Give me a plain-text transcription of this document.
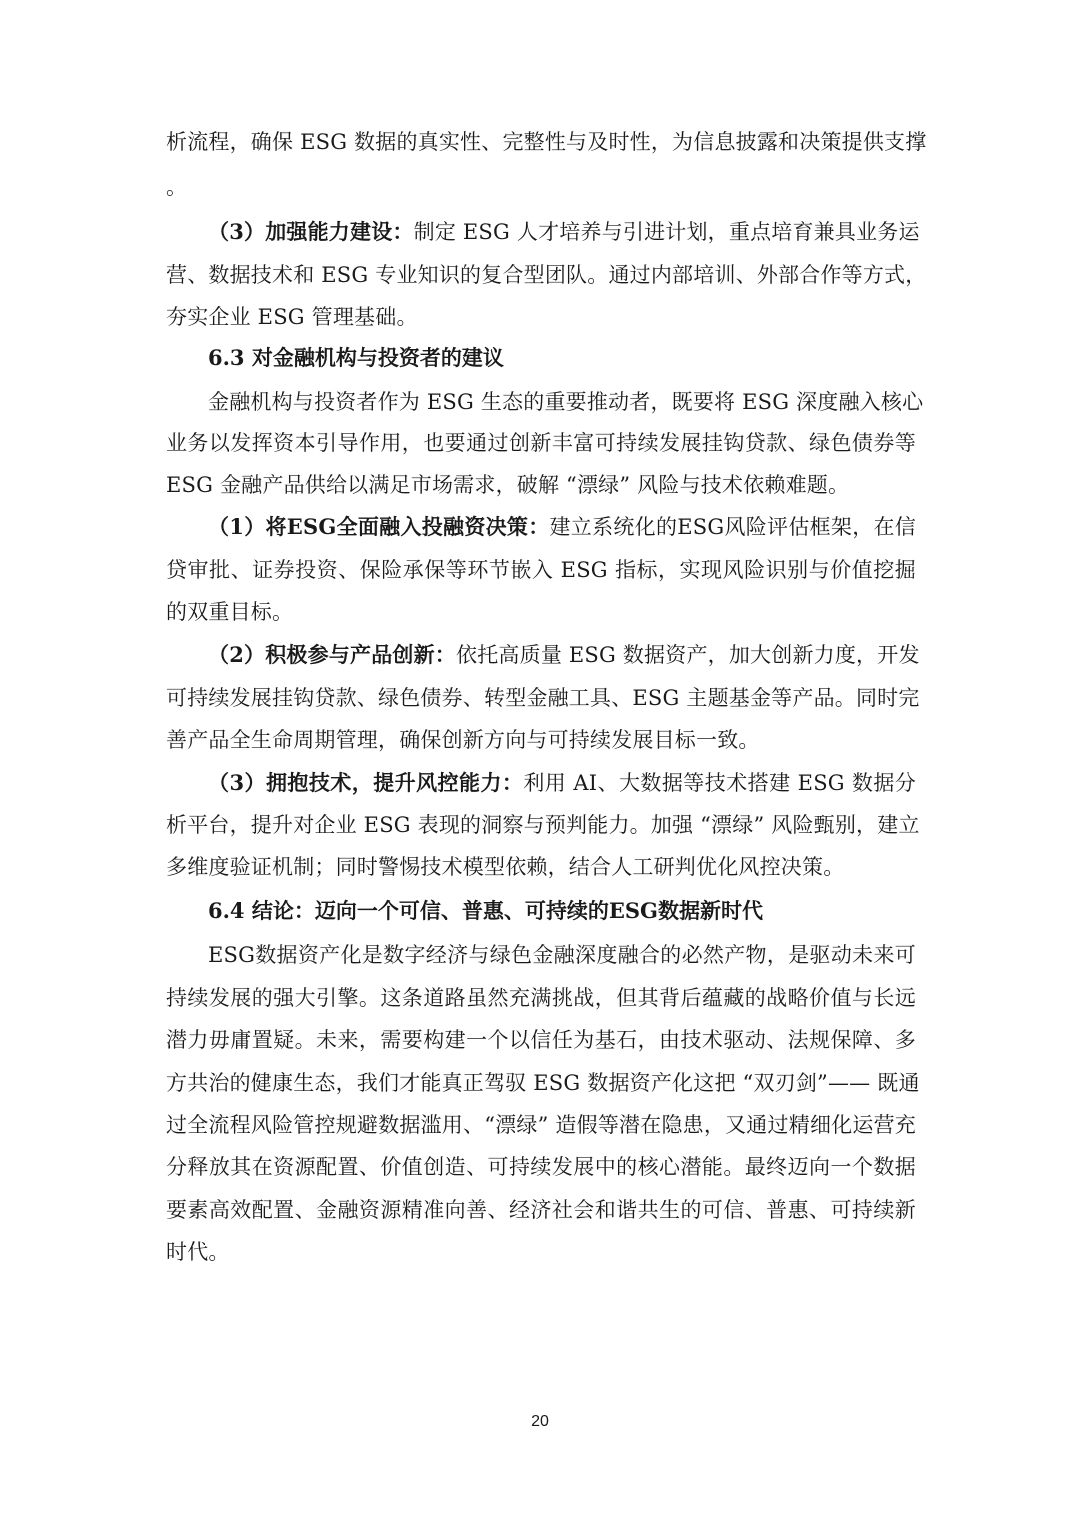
析流程，确保 ESG 数据的真实性、完整性与及时性，为信息披露和决策提供支撑
。
（3）加强能力建设：制定 ESG 人才培养与引进计划，重点培育兼具业务运
营、数据技术和 ESG 专业知识的复合型团队。通过内部培训、外部合作等方式，
夯实企业 ESG 管理基础。
6.3 对金融机构与投资者的建议
金融机构与投资者作为 ESG 生态的重要推动者，既要将 ESG 深度融入核心
业务以发挥资本引导作用，也要通过创新丰富可持续发展挂钩贷款、绿色债券等
ESG 金融产品供给以满足市场需求，破解 “漂绿” 风险与技术依赖难题。
（1）将ESG全面融入投融资决策：建立系统化的ESG风险评估框架，在信
贷审批、证券投资、保险承保等环节嵌入 ESG 指标，实现风险识别与价值挖掘
的双重目标。
（2）积极参与产品创新：依托高质量 ESG 数据资产，加大创新力度，开发
可持续发展挂钩贷款、绿色债券、转型金融工具、ESG 主题基金等产品。同时完
善产品全生命周期管理，确保创新方向与可持续发展目标一致。
（3）拥抱技术，提升风控能力：利用 AI、大数据等技术搭建 ESG 数据分
析平台，提升对企业 ESG 表现的洞察与预判能力。加强 “漂绿” 风险甄别，建立
多维度验证机制；同时警惕技术模型依赖，结合人工研判优化风控决策。
6.4 结论：迈向一个可信、普惠、可持续的ESG数据新时代
ESG数据资产化是数字经济与绿色金融深度融合的必然产物，是驱动未来可
持续发展的强大引擎。这条道路虽然充满挑战，但其背后蕴藏的战略价值与长远
潜力毋庸置疑。未来，需要构建一个以信任为基石，由技术驱动、法规保障、多
方共治的健康生态，我们才能真正驾驭 ESG 数据资产化这把 “双刃剑”—— 既通
过全流程风险管控规避数据滥用、“漂绿” 造假等潜在隐患，又通过精细化运营充
分释放其在资源配置、价值创造、可持续发展中的核心潜能。最终迈向一个数据
要素高效配置、金融资源精准向善、经济社会和谐共生的可信、普惠、可持续新
时代。
20
